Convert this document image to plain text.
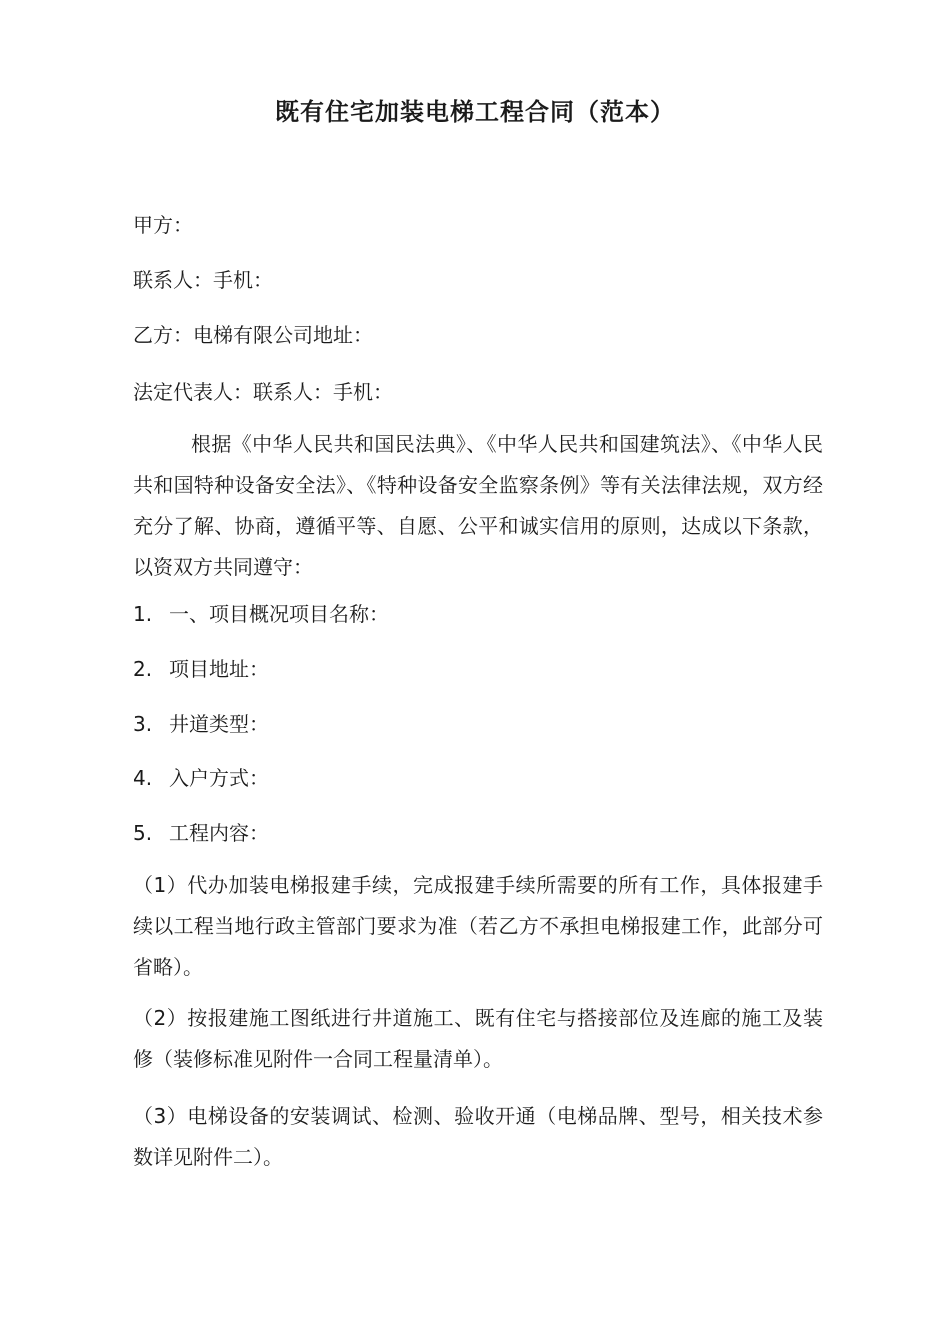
既有住宅加装电梯工程合同（范本）
甲方：
联系人：手机：
乙方：电梯有限公司地址：
法定代表人：联系人：手机：
根据《中华人民共和国民法典》、《中华人民共和国建筑法》、《中华人民共和国特种设备安全法》、《特种设备安全监察条例》等有关法律法规，双方经充分了解、协商，遵循平等、自愿、公平和诚实信用的原则，达成以下条款，以资双方共同遵守：
1. 一、项目概况项目名称：
2. 项目地址：
3. 井道类型：
4. 入户方式：
5. 工程内容：
（1）代办加装电梯报建手续，完成报建手续所需要的所有工作，具体报建手续以工程当地行政主管部门要求为准（若乙方不承担电梯报建工作，此部分可省略）。
（2）按报建施工图纸进行井道施工、既有住宅与搭接部位及连廊的施工及装修（装修标准见附件一合同工程量清单）。
（3）电梯设备的安装调试、检测、验收开通（电梯品牌、型号，相关技术参数详见附件二）。
